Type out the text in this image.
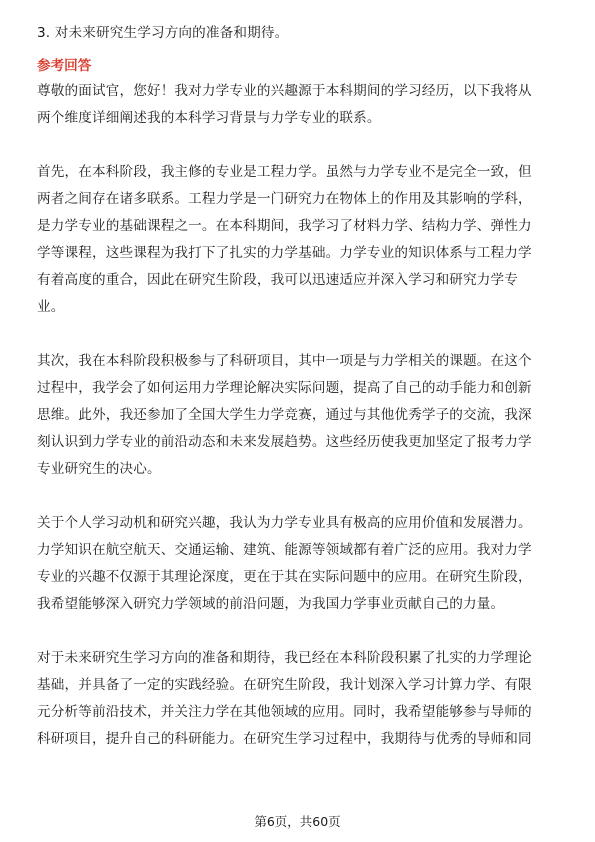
3. 对未来研究生学习方向的准备和期待。
参考回答
尊敬的面试官，您好！我对力学专业的兴趣源于本科期间的学习经历，以下我将从
两个维度详细阐述我的本科学习背景与力学专业的联系。
首先，在本科阶段，我主修的专业是工程力学。虽然与力学专业不是完全一致，但
两者之间存在诸多联系。工程力学是一门研究力在物体上的作用及其影响的学科，
是力学专业的基础课程之一。在本科期间，我学习了材料力学、结构力学、弹性力
学等课程，这些课程为我打下了扎实的力学基础。力学专业的知识体系与工程力学
有着高度的重合，因此在研究生阶段，我可以迅速适应并深入学习和研究力学专
业。
其次，我在本科阶段积极参与了科研项目，其中一项是与力学相关的课题。在这个
过程中，我学会了如何运用力学理论解决实际问题，提高了自己的动手能力和创新
思维。此外，我还参加了全国大学生力学竞赛，通过与其他优秀学子的交流，我深
刻认识到力学专业的前沿动态和未来发展趋势。这些经历使我更加坚定了报考力学
专业研究生的决心。
关于个人学习动机和研究兴趣，我认为力学专业具有极高的应用价值和发展潜力。
力学知识在航空航天、交通运输、建筑、能源等领域都有着广泛的应用。我对力学
专业的兴趣不仅源于其理论深度，更在于其在实际问题中的应用。在研究生阶段，
我希望能够深入研究力学领域的前沿问题，为我国力学事业贡献自己的力量。
对于未来研究生学习方向的准备和期待，我已经在本科阶段积累了扎实的力学理论
基础，并具备了一定的实践经验。在研究生阶段，我计划深入学习计算力学、有限
元分析等前沿技术，并关注力学在其他领域的应用。同时，我希望能够参与导师的
科研项目，提升自己的科研能力。在研究生学习过程中，我期待与优秀的导师和同
第6页，共60页
